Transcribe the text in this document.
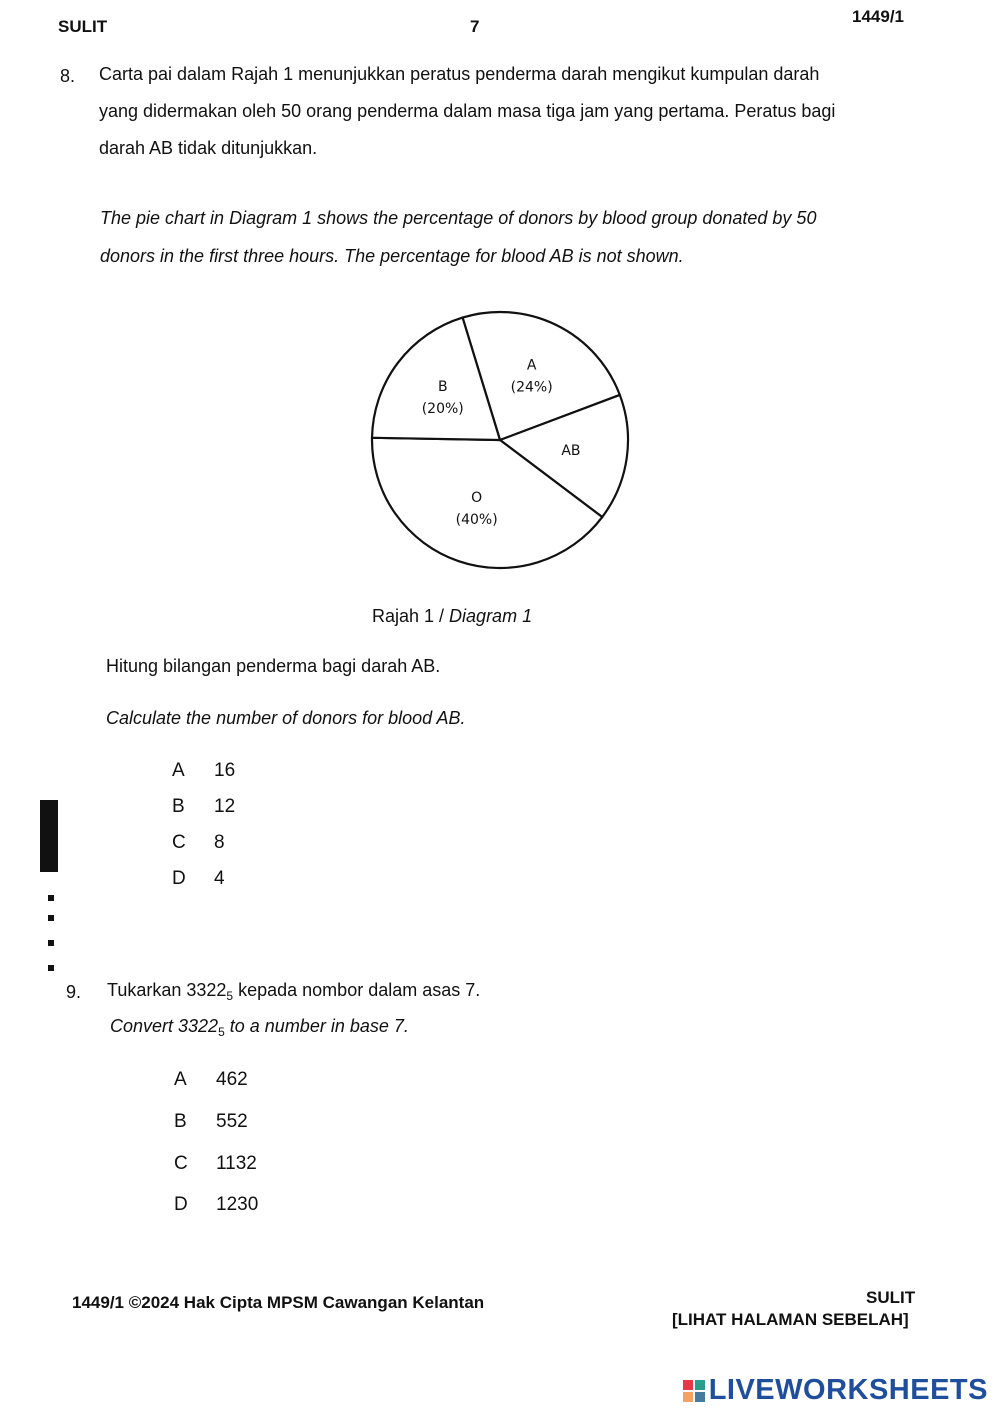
SULIT	7
1449/1
8. Carta pai dalam Rajah 1 menunjukkan peratus penderma darah mengikut kumpulan darah
yang didermakan oleh 50 orang penderma dalam masa tiga jam yang pertama. Peratus bagi
darah AB tidak ditunjukkan.
The pie chart in Diagram 1 shows the percentage of donors by blood group donated by 50
donors in the first three hours. The percentage for blood AB is not shown.
A
(24%)
AB
O
(40%)
B
(20%)
Rajah 1 / Diagram 1
Hitung bilangan penderma bagi darah AB.
Calculate the number of donors for blood AB.
A 16
B 12
C 8
D 4
9. Tukarkan $3322_5$ kepada nombor dalam asas 7.
Convert $3322_5$ to a number in base 7.
A 462
B 552
C 1132
D 1230
1449/1 ©2024 Hak Cipta MPSM Cawangan Kelantan	SULIT
[LIHAT HALAMAN SEBELAH]
LIVEWORKSHEETS
